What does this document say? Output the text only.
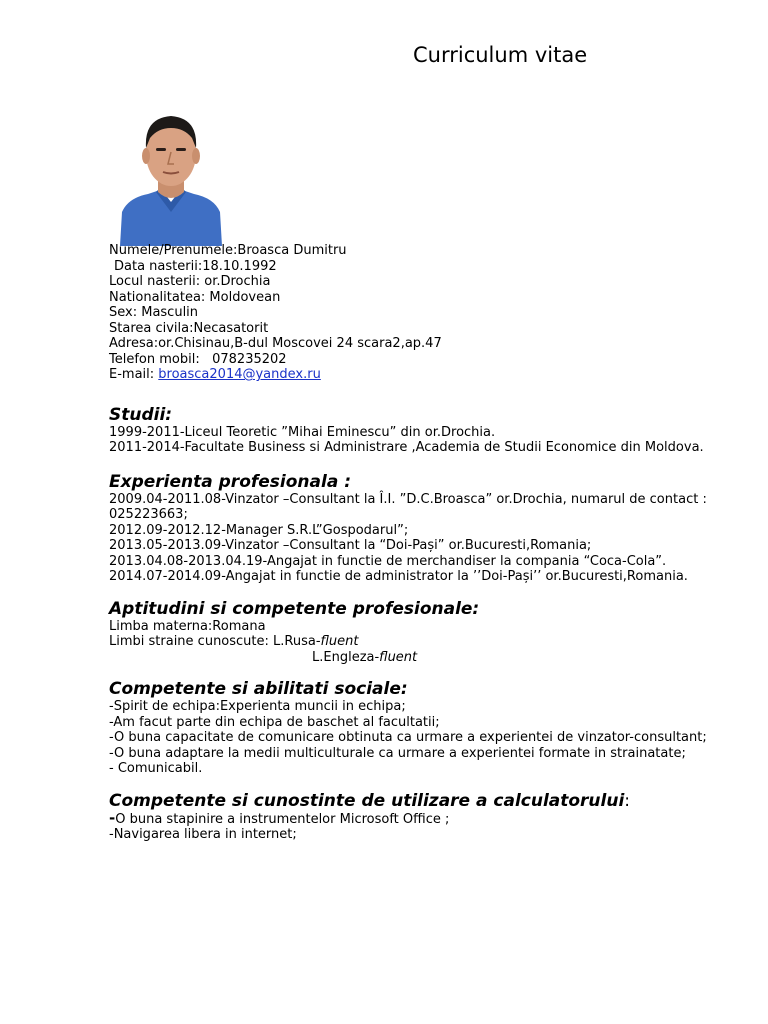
Curriculum vitae
Numele/Prenumele:Broasca Dumitru
Data nasterii:18.10.1992
Locul nasterii: or.Drochia
Nationalitatea: Moldovean
Sex: Masculin
Starea civila:Necasatorit
Adresa:or.Chisinau,B-dul Moscovei 24 scara2,ap.47
Telefon mobil:   078235202
E-mail: broasca2014@yandex.ru
Studii:
1999-2011-Liceul Teoretic ”Mihai Eminescu” din or.Drochia.
2011-2014-Facultate Business si Administrare ,Academia de Studii Economice din Moldova.
Experienta profesionala :
2009.04-2011.08-Vinzator –Consultant la Î.I. ”D.C.Broasca” or.Drochia, numarul de contact : 025223663;
2012.09-2012.12-Manager S.R.L”Gospodarul”;
2013.05-2013.09-Vinzator –Consultant la “Doi-Pași” or.Bucuresti,Romania;
2013.04.08-2013.04.19-Angajat in functie de merchandiser la compania “Coca-Cola”.
2014.07-2014.09-Angajat in functie de administrator la ’’Doi-Pași’’ or.Bucuresti,Romania.
Aptitudini si competente profesionale:
Limba materna:Romana
Limbi straine cunoscute: L.Rusa-fluent
L.Engleza-fluent
Competente si abilitati sociale:
-Spirit de echipa:Experienta muncii in echipa;
-Am facut parte din echipa de baschet al facultatii;
-O buna capacitate de comunicare obtinuta ca urmare a experientei de vinzator-consultant;
-O buna adaptare la medii multiculturale ca urmare a experientei formate in strainatate;
- Comunicabil.
Competente si cunostinte de utilizare a calculatorului:
-O buna stapinire a instrumentelor Microsoft Office ;
-Navigarea libera in internet;
